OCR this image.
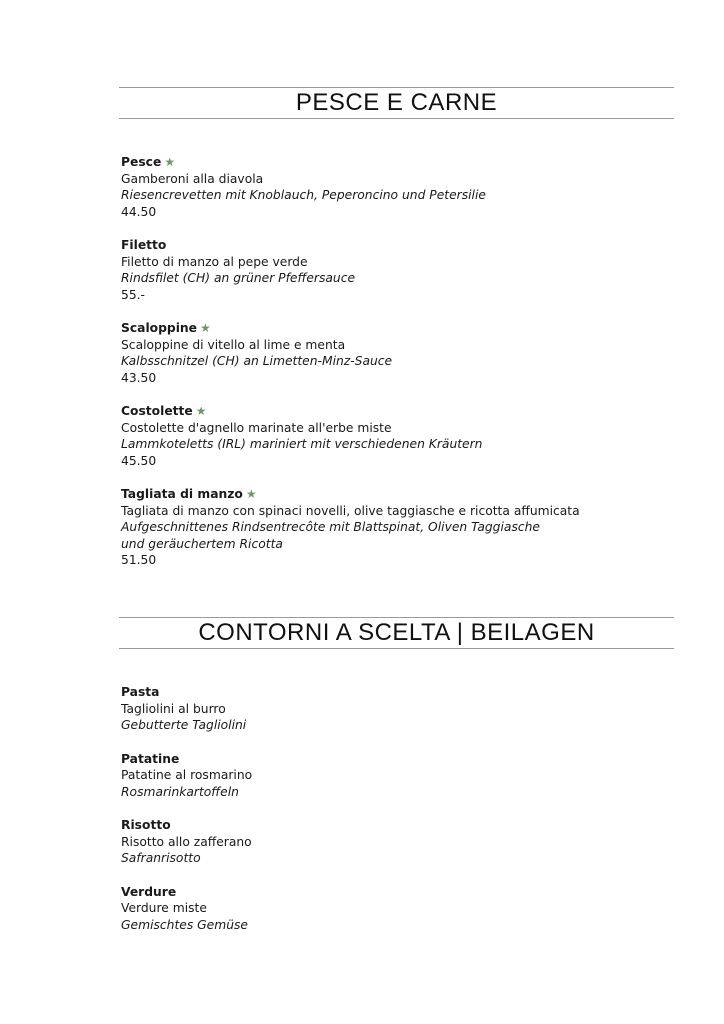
PESCE E CARNE
Pesce ★
Gamberoni alla diavola
Riesencrevetten mit Knoblauch, Peperoncino und Petersilie
44.50
Filetto
Filetto di manzo al pepe verde
Rindsfilet (CH) an grüner Pfeffersauce
55.-
Scaloppine ★
Scaloppine di vitello al lime e menta
Kalbsschnitzel (CH) an Limetten-Minz-Sauce
43.50
Costolette ★
Costolette d'agnello marinate all'erbe miste
Lammkoteletts (IRL) mariniert mit verschiedenen Kräutern
45.50
Tagliata di manzo ★
Tagliata di manzo con spinaci novelli, olive taggiasche e ricotta affumicata
Aufgeschnittenes Rindsentrecôte mit Blattspinat, Oliven Taggiasche
und geräuchertem Ricotta
51.50
CONTORNI A SCELTA | BEILAGEN
Pasta
Tagliolini al burro
Gebutterte Tagliolini
Patatine
Patatine al rosmarino
Rosmarinkartoffeln
Risotto
Risotto allo zafferano
Safranrisotto
Verdure
Verdure miste
Gemischtes Gemüse
